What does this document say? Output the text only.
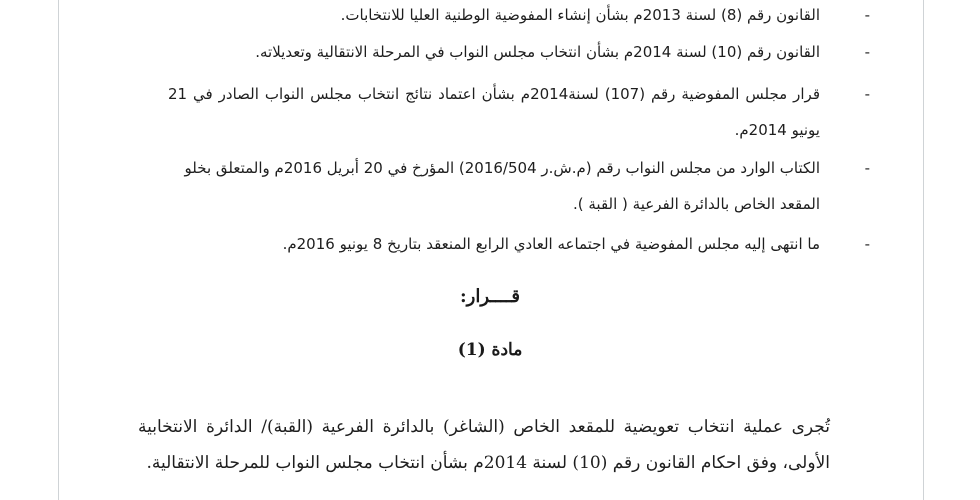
-
القانون رقم (8) لسنة 2013م بشأن إنشاء المفوضية الوطنية العليا للانتخابات.
-
القانون رقم (10) لسنة 2014م بشأن انتخاب مجلس النواب في المرحلة الانتقالية وتعديلاته.
-
قرار مجلس المفوضية رقم (107) لسنة2014م بشأن اعتماد نتائج انتخاب مجلس النواب الصادر في 21 يونيو 2014م.
-
الكتاب الوارد من مجلس النواب رقم (م.ش.ر 2016/504) المؤرخ في 20 أبريل 2016م والمتعلق بخلو المقعد الخاص بالدائرة الفرعية ( القبة ).
-
ما انتهى إليه مجلس المفوضية في اجتماعه العادي الرابع المنعقد بتاريخ 8 يونيو 2016م.
قــــرار:
مادة (1)

تُجرى عملية انتخاب تعويضية للمقعد الخاص (الشاغر) بالدائرة الفرعية (القبة)/ الدائرة الانتخابية الأولى، وفق احكام القانون رقم (10) لسنة 2014م بشأن انتخاب مجلس النواب للمرحلة الانتقالية.
